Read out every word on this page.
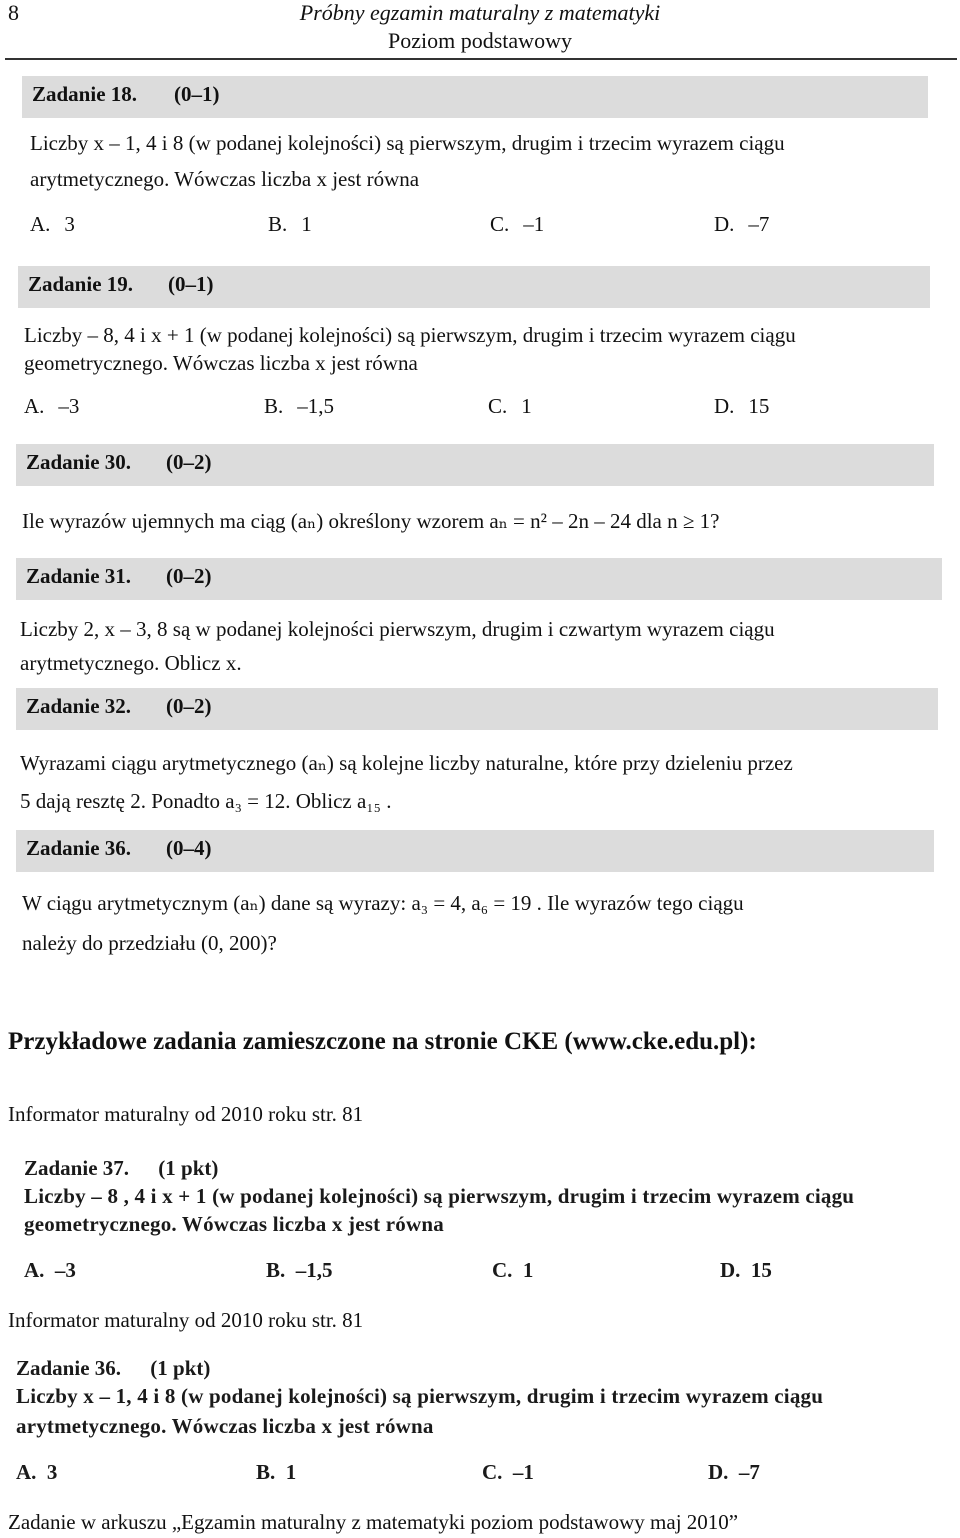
8	Próbny egzamin maturalny z matematyki
Poziom podstawowy
Zadanie 18. (0–1)
Liczby x – 1, 4 i 8 (w podanej kolejności) są pierwszym, drugim i trzecim wyrazem ciągu
arytmetycznego. Wówczas liczba x jest równa
A. 3	B. 1	C. –1	D. –7
Zadanie 19. (0–1)
Liczby – 8, 4 i x + 1 (w podanej kolejności) są pierwszym, drugim i trzecim wyrazem ciągu
geometrycznego. Wówczas liczba x jest równa
A. –3	B. –1,5	C. 1	D. 15
Zadanie 30. (0–2)
Ile wyrazów ujemnych ma ciąg (aₙ) określony wzorem aₙ = n² – 2n – 24 dla n ≥ 1?
Zadanie 31. (0–2)
Liczby 2, x – 3, 8 są w podanej kolejności pierwszym, drugim i czwartym wyrazem ciągu
arytmetycznego. Oblicz x.
Zadanie 32. (0–2)
Wyrazami ciągu arytmetycznego (aₙ) są kolejne liczby naturalne, które przy dzieleniu przez
5 dają resztę 2. Ponadto a₃ = 12. Oblicz a₁₅ .
Zadanie 36. (0–4)
W ciągu arytmetycznym (aₙ) dane są wyrazy: a₃ = 4, a₆ = 19 . Ile wyrazów tego ciągu
należy do przedziału (0, 200)?
Przykładowe zadania zamieszczone na stronie CKE (www.cke.edu.pl):
Informator maturalny od 2010 roku str. 81
Zadanie 37. (1 pkt)
Liczby – 8 , 4 i x + 1 (w podanej kolejności) są pierwszym, drugim i trzecim wyrazem ciągu
geometrycznego. Wówczas liczba x jest równa
A. –3	B. –1,5	C. 1	D. 15
Informator maturalny od 2010 roku str. 81
Zadanie 36. (1 pkt)
Liczby x – 1, 4 i 8 (w podanej kolejności) są pierwszym, drugim i trzecim wyrazem ciągu
arytmetycznego. Wówczas liczba x jest równa
A. 3	B. 1	C. –1	D. –7
Zadanie w arkuszu „Egzamin maturalny z matematyki poziom podstawowy maj 2010”
